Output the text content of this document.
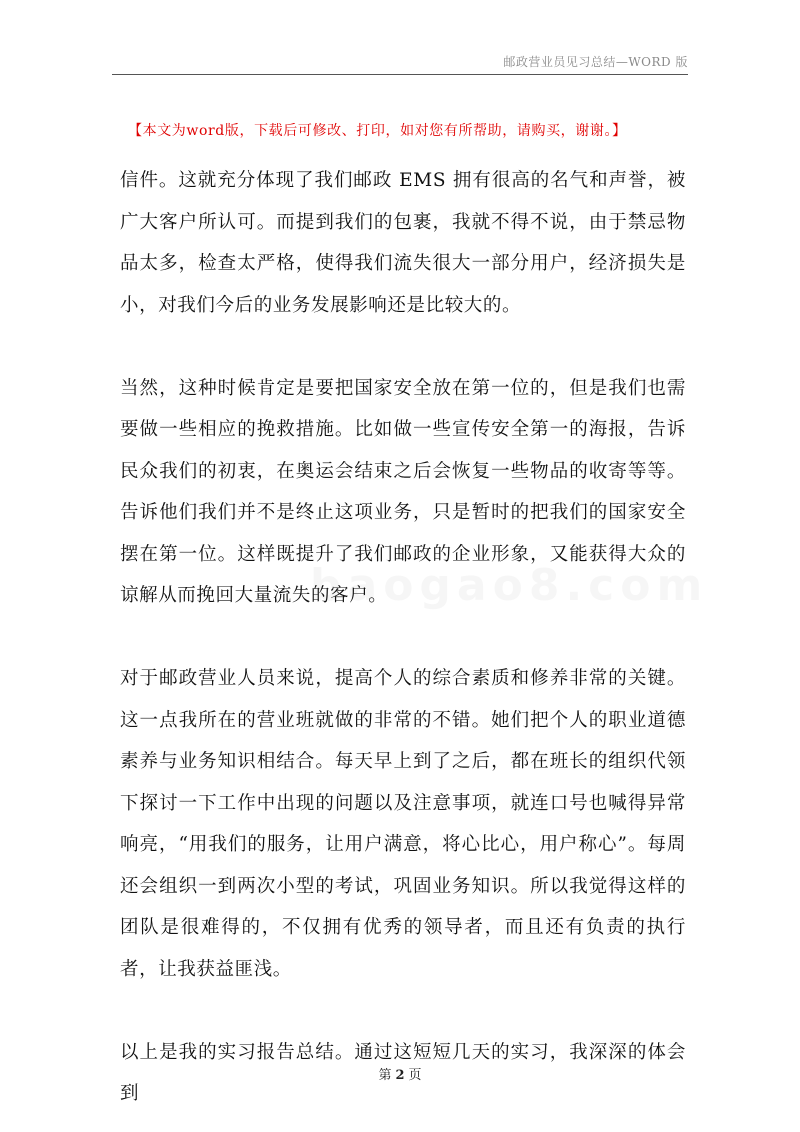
邮政营业员见习总结—WORD 版
【本文为word版，下载后可修改、打印，如对您有所帮助，请购买，谢谢。】

信件。这就充分体现了我们邮政 EMS 拥有很高的名气和声誉，被广大客户所认可。而提到我们的包裹，我就不得不说，由于禁忌物品太多，检查太严格，使得我们流失很大一部分用户，经济损失是小，对我们今后的业务发展影响还是比较大的。

当然，这种时候肯定是要把国家安全放在第一位的，但是我们也需要做一些相应的挽救措施。比如做一些宣传安全第一的海报，告诉民众我们的初衷，在奥运会结束之后会恢复一些物品的收寄等等。告诉他们我们并不是终止这项业务，只是暂时的把我们的国家安全摆在第一位。这样既提升了我们邮政的企业形象，又能获得大众的谅解从而挽回大量流失的客户。

对于邮政营业人员来说，提高个人的综合素质和修养非常的关键。这一点我所在的营业班就做的非常的不错。她们把个人的职业道德素养与业务知识相结合。每天早上到了之后，都在班长的组织代领下探讨一下工作中出现的问题以及注意事项，就连口号也喊得异常响亮，“用我们的服务，让用户满意，将心比心，用户称心”。每周还会组织一到两次小型的考试，巩固业务知识。所以我觉得这样的团队是很难得的，不仅拥有优秀的领导者，而且还有负责的执行者，让我获益匪浅。

以上是我的实习报告总结。通过这短短几天的实习，我深深的体会到

第 2 页
